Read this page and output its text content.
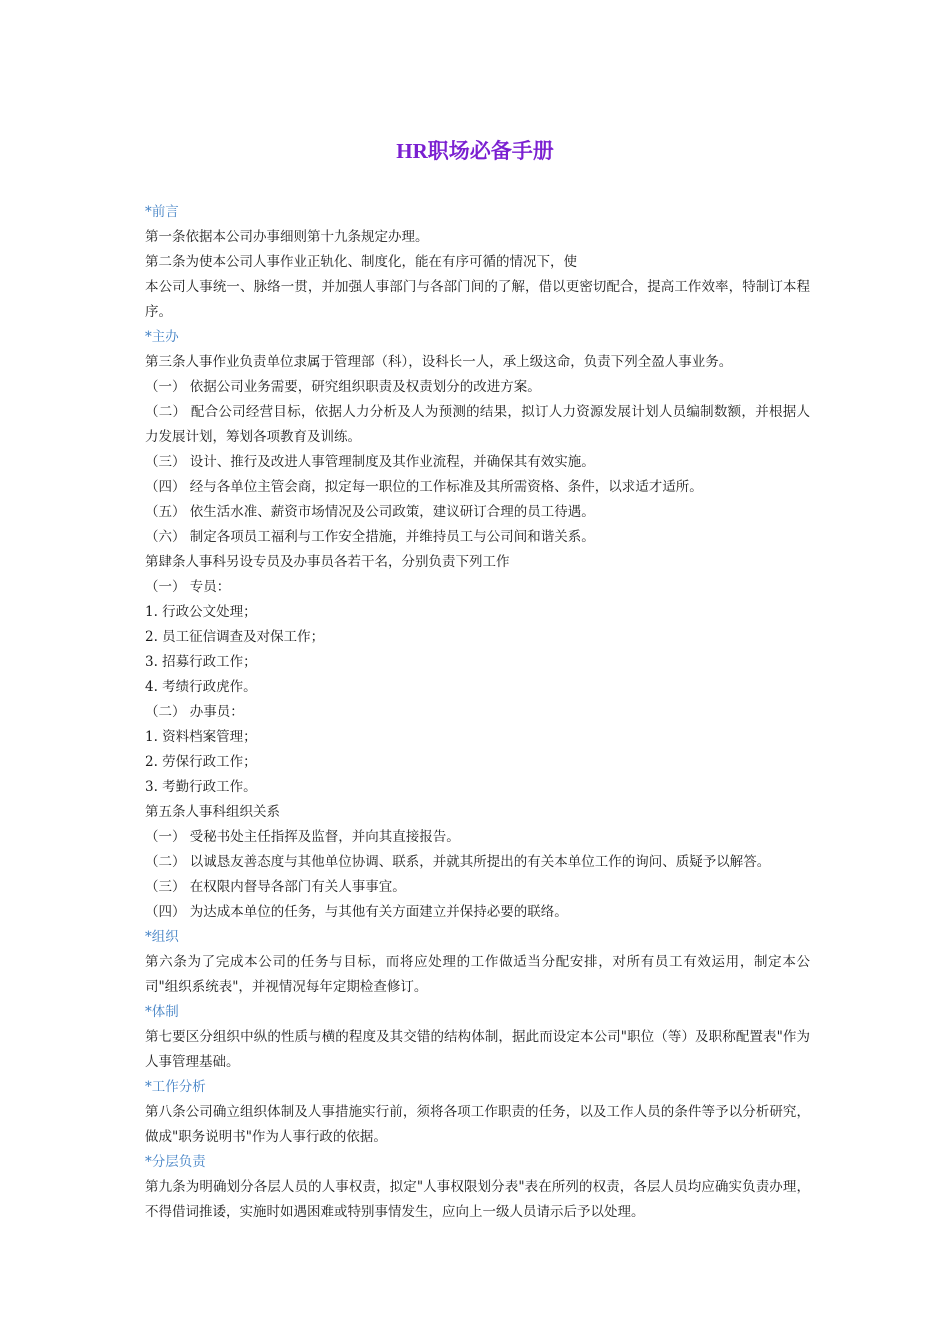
HR职场必备手册
*前言
第一条依据本公司办事细则第十九条规定办理。
第二条为使本公司人事作业正轨化、制度化，能在有序可循的情况下，使
本公司人事统一、脉络一贯，并加强人事部门与各部门间的了解，借以更密切配合，提高工作效率，特制订本程序。
*主办
第三条人事作业负责单位隶属于管理部（科），设科长一人，承上级这命，负责下列全盈人事业务。
（一） 依据公司业务需要，研究组织职责及权责划分的改进方案。
（二） 配合公司经营目标，依据人力分析及人为预测的结果，拟订人力资源发展计划人员编制数额，并根据人力发展计划，筹划各项教育及训练。
（三） 设计、推行及改进人事管理制度及其作业流程，并确保其有效实施。
（四） 经与各单位主管会商，拟定每一职位的工作标准及其所需资格、条件，以求适才适所。
（五） 依生活水准、薪资市场情况及公司政策，建议研订合理的员工待遇。
（六） 制定各项员工福利与工作安全措施，并维持员工与公司间和谐关系。
第肆条人事科另设专员及办事员各若干名，分别负责下列工作
（一） 专员：
1. 行政公文处理；
2. 员工征信调查及对保工作；
3. 招募行政工作；
4. 考绩行政虎作。
（二） 办事员：
1. 资料档案管理；
2. 劳保行政工作；
3. 考勤行政工作。
第五条人事科组织关系
（一） 受秘书处主任指挥及监督，并向其直接报告。
（二） 以诚恳友善态度与其他单位协调、联系，并就其所提出的有关本单位工作的询问、质疑予以解答。
（三） 在权限内督导各部门有关人事事宜。
（四） 为达成本单位的任务，与其他有关方面建立并保持必要的联络。
*组织
第六条为了完成本公司的任务与目标，而将应处理的工作做适当分配安排，对所有员工有效运用，制定本公司"组织系统表"，并视情况每年定期检查修订。
*体制
第七要区分组织中纵的性质与横的程度及其交错的结构体制，据此而设定本公司"职位（等）及职称配置表"作为人事管理基础。
*工作分析
第八条公司确立组织体制及人事措施实行前，须将各项工作职责的任务，以及工作人员的条件等予以分析研究，做成"职务说明书"作为人事行政的依据。
*分层负责
第九条为明确划分各层人员的人事权责，拟定"人事权限划分表"表在所列的权责，各层人员均应确实负责办理，不得借词推诿，实施时如遇困难或特别事情发生，应向上一级人员请示后予以处理。
